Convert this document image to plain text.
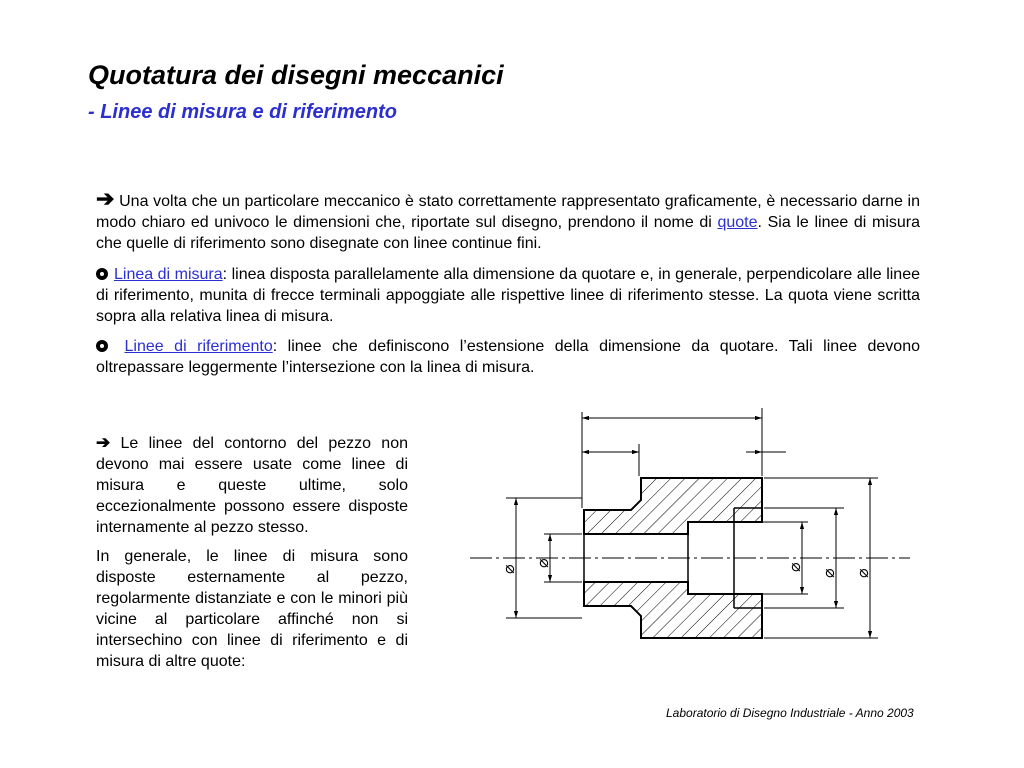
Quotatura dei disegni meccanici
- Linee di misura e di riferimento
➔ Una volta che un particolare meccanico è stato correttamente rappresentato graficamente, è necessario darne in modo chiaro ed univoco le dimensioni che, riportate sul disegno, prendono il nome di quote. Sia le linee di misura che quelle di riferimento sono disegnate con linee continue fini.
Linea di misura: linea disposta parallelamente alla dimensione da quotare e, in generale, perpendicolare alle linee di riferimento, munita di frecce terminali appoggiate alle rispettive linee di riferimento stesse. La quota viene scritta sopra alla relativa linea di misura.
Linee di riferimento: linee che definiscono l’estensione della dimensione da quotare. Tali linee devono oltrepassare leggermente l’intersezione con la linea di misura.

➔ Le linee del contorno del pezzo non devono mai essere usate come linee di misura e queste ultime, solo eccezionalmente possono essere disposte internamente al pezzo stesso.

In generale, le linee di misura sono disposte esternamente al pezzo, regolarmente distanziate e con le minori più vicine al particolare affinché non si intersechino con linee di riferimento e di misura di altre quote:

⌀
⌀	⌀
⌀ ⌀
Laboratorio di Disegno Industriale - Anno 2003
